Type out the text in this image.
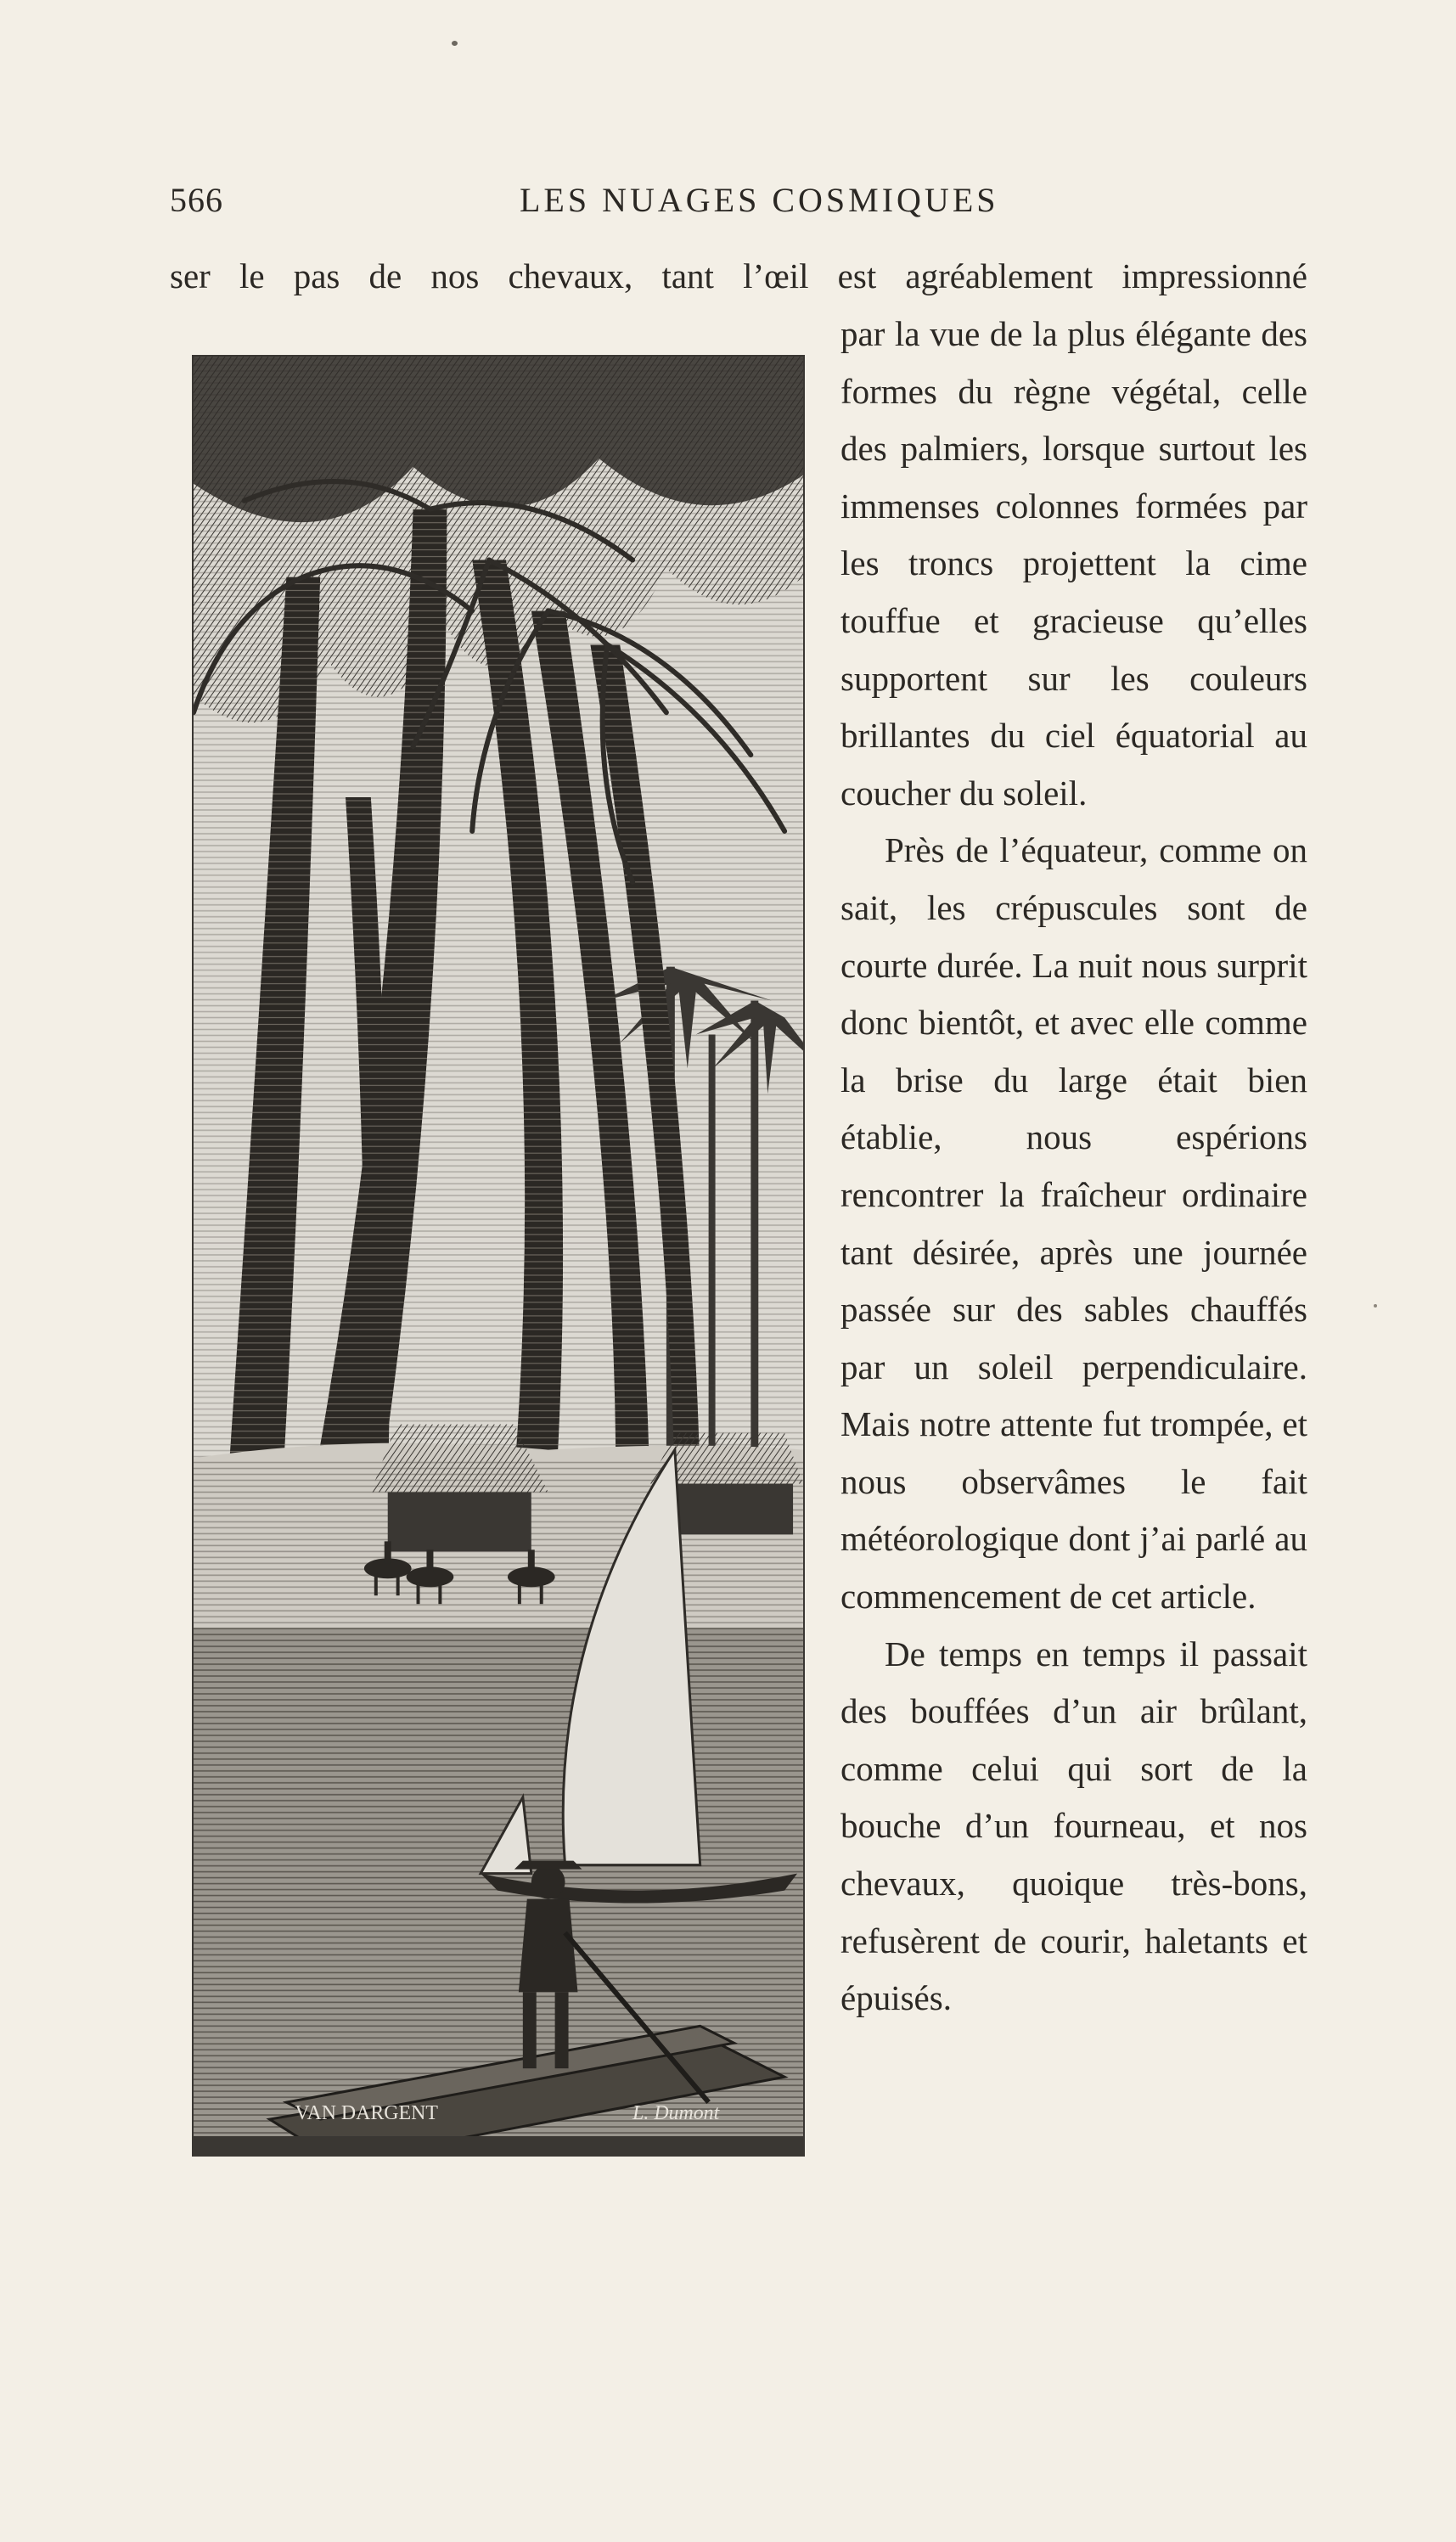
566	LES NUAGES COSMIQUES
ser le pas de nos chevaux, tant l’œil est agréablement impressionné
VAN DARGENT	L. Dumont

par la vue de la plus élégante des formes du règne végétal, celle des palmiers, lorsque surtout les immenses colonnes formées par les troncs projettent la cime touffue et gracieuse qu’elles supportent sur les couleurs brillantes du ciel équatorial au coucher du soleil.

Près de l’équateur, comme on sait, les crépuscules sont de courte durée. La nuit nous surprit donc bientôt, et avec elle comme la brise du large était bien établie, nous espérions rencontrer la fraîcheur ordinaire tant désirée, après une journée passée sur des sables chauffés par un soleil perpendiculaire. Mais notre attente fut trompée, et nous observâmes le fait météorologique dont j’ai parlé au commencement de cet article.

De temps en temps il passait des bouffées d’un air brûlant, comme celui qui sort de la bouche d’un fourneau, et nos chevaux, quoique très-bons, refusèrent de courir, haletants et épuisés.
